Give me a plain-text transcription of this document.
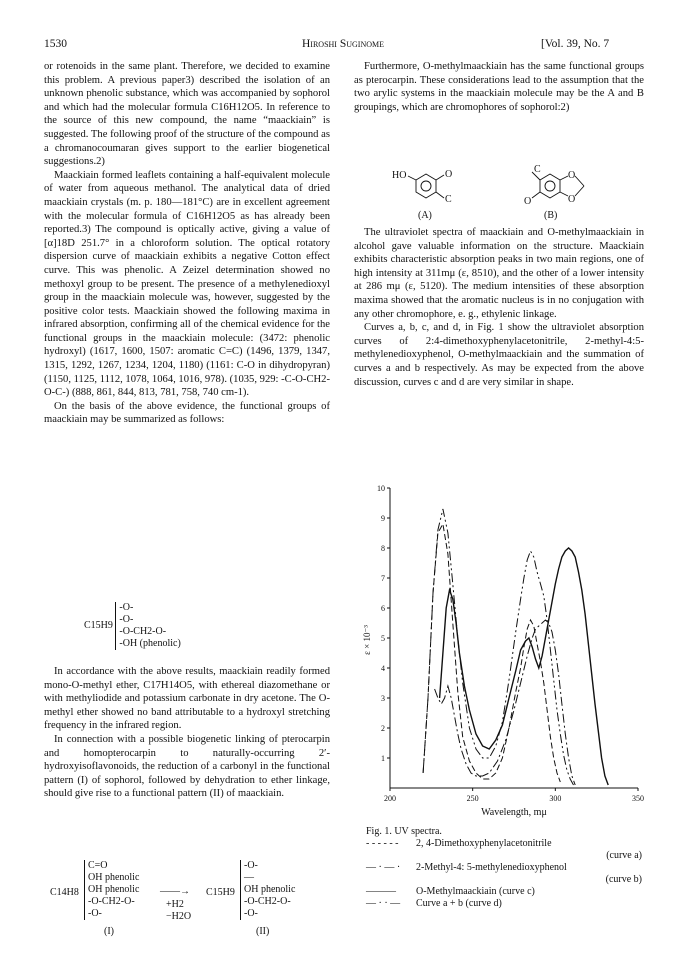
1530	Hiroshi Suginome	[Vol. 39, No. 7

or rotenoids in the same plant. Therefore, we decided to examine this problem. A previous paper3) described the isolation of an unknown phenolic substance, which was accompanied by sophorol and which had the molecular formula C16H12O5. In reference to the source of this new compound, the name “maackiain” is suggested. The following proof of the structure of the compound as a chromanocoumaran gives support to the earlier biogenetical suggestions.2)

Maackiain formed leaflets containing a half-equivalent molecule of water from aqueous methanol. The analytical data of dried maackiain crystals (m. p. 180—181°C) are in excellent agreement with the molecular formula of C16H12O5 as has already been reported.3) The compound is optically active, giving a value of [α]18D 251.7° in a chloroform solution. The optical rotatory dispersion curve of maackiain exhibits a negative Cotton effect curve. This was phenolic. A Zeizel determination showed no methoxyl group to be present. The presence of a methylenedioxyl group in the maackiain molecule was, however, suggested by the positive color tests. Maackiain showed the following maxima in infrared absorption, confirming all of the chemical evidence for the functional groups in the maackiain molecule: (3472: phenolic hydroxyl) (1617, 1600, 1507: aromatic C=C) (1496, 1379, 1347, 1315, 1292, 1267, 1234, 1204, 1180) (1161: C-O in dihydropyran) (1150, 1125, 1112, 1078, 1064, 1016, 978). (1035, 929: -C-O-CH2-O-C-) (888, 861, 844, 813, 781, 758, 740 cm-1).

On the basis of the above evidence, the functional groups of maackiain may be summarized as follows:

C15H9
-O-
-O-
-O-CH2-O-
-OH (phenolic)

In accordance with the above results, maackiain readily formed mono-O-methyl ether, C17H14O5, with ethereal diazomethane or with methyliodide and potassium carbonate in dry acetone. The O-methyl ether showed no band attributable to a hydroxyl stretching frequency in the infrared region.

In connection with a possible biogenetic linking of pterocarpin and homopterocarpin to naturally-occurring 2′-hydroxyisoflavonoids, the reduction of a carbonyl in the functional pattern (I) of sophorol, followed by dehydration to ether linkage, should give rise to a functional pattern (II) of maackiain.

C14H8
C=O
OH phenolic
OH phenolic
-O-CH2-O-
-O-
——→
+H2
−H2O
C15H9
-O-
—
OH phenolic
-O-CH2-O-
-O-
(I)	(II)

Furthermore, O-methylmaackiain has the same functional groups as pterocarpin. These considerations lead to the assumption that the two arylic systems in the maackiain molecule may be the A and B groupings, which are chromophores of sophorol:2)

HO	O
C
(A)
C
O
O	O
(B)

The ultraviolet spectra of maackiain and O-methylmaackiain in alcohol gave valuable information on the structure. Maackiain exhibits characteristic absorption peaks in two main regions, one of high intensity at 311mμ (ε, 8510), and the other of a lower intensity at 286 mμ (ε, 5120). The medium intensities of these absorption maxima showed that the aromatic nucleus is in no conjugation with any other chromophore, e. g., ethylenic linkage.

Curves a, b, c, and d, in Fig. 1 show the ultraviolet absorption curves of 2:4-dimethoxyphenylacetonitrile, 2-methyl-4:5-methylenedioxyphenol, O-methylmaackiain and the summation of curves a and b respectively. As may be expected from the above discussion, curves c and d are very similar in shape.

1
2
3
4
5
6
7
8
9
10
200	250	300	350
ε × 10⁻³
Wavelength, mμ
Fig. 1. UV spectra.
- - - - - -	2, 4-Dimethoxyphenylacetonitrile
(curve a)
— · — ·	2-Methyl-4: 5-methylenedioxyphenol
(curve b)
———	O-Methylmaackiain (curve c)
— · · —	Curve a + b (curve d)
